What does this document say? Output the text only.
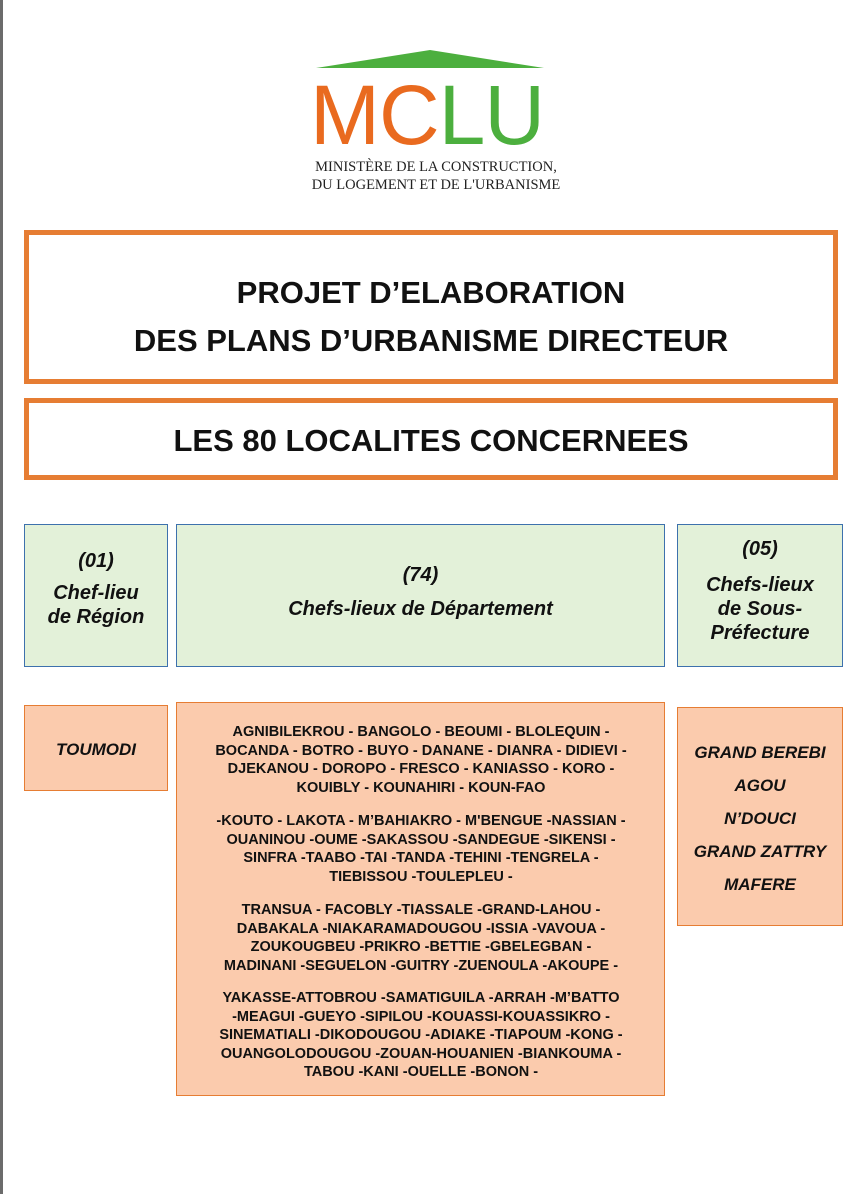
MCLU
MINISTÈRE DE LA CONSTRUCTION,
DU LOGEMENT ET DE L'URBANISME
PROJET D’ELABORATION
DES PLANS D’URBANISME DIRECTEUR
LES 80 LOCALITES CONCERNEES
(01)
Chef-lieu
de Région
(74)
Chefs-lieux de Département
(05)
Chefs-lieux
de Sous-
Préfecture
TOUMODI
AGNIBILEKROU - BANGOLO - BEOUMI - BLOLEQUIN -
BOCANDA - BOTRO - BUYO - DANANE - DIANRA - DIDIEVI -
DJEKANOU - DOROPO - FRESCO - KANIASSO - KORO -
KOUIBLY - KOUNAHIRI - KOUN-FAO
-KOUTO - LAKOTA - M’BAHIAKRO - M'BENGUE -NASSIAN -
OUANINOU -OUME -SAKASSOU -SANDEGUE -SIKENSI -
SINFRA -TAABO -TAI -TANDA -TEHINI -TENGRELA -
TIEBISSOU -TOULEPLEU -
TRANSUA - FACOBLY -TIASSALE -GRAND-LAHOU -
DABAKALA -NIAKARAMADOUGOU -ISSIA -VAVOUA -
ZOUKOUGBEU -PRIKRO -BETTIE -GBELEGBAN -
MADINANI -SEGUELON -GUITRY -ZUENOULA -AKOUPE -
YAKASSE-ATTOBROU -SAMATIGUILA -ARRAH -M’BATTO
-MEAGUI -GUEYO -SIPILOU -KOUASSI-KOUASSIKRO -
SINEMATIALI -DIKODOUGOU -ADIAKE -TIAPOUM -KONG -
OUANGOLODOUGOU -ZOUAN-HOUANIEN -BIANKOUMA -
TABOU -KANI -OUELLE -BONON -
GRAND BEREBI
AGOU
N’DOUCI
GRAND ZATTRY
MAFERE
